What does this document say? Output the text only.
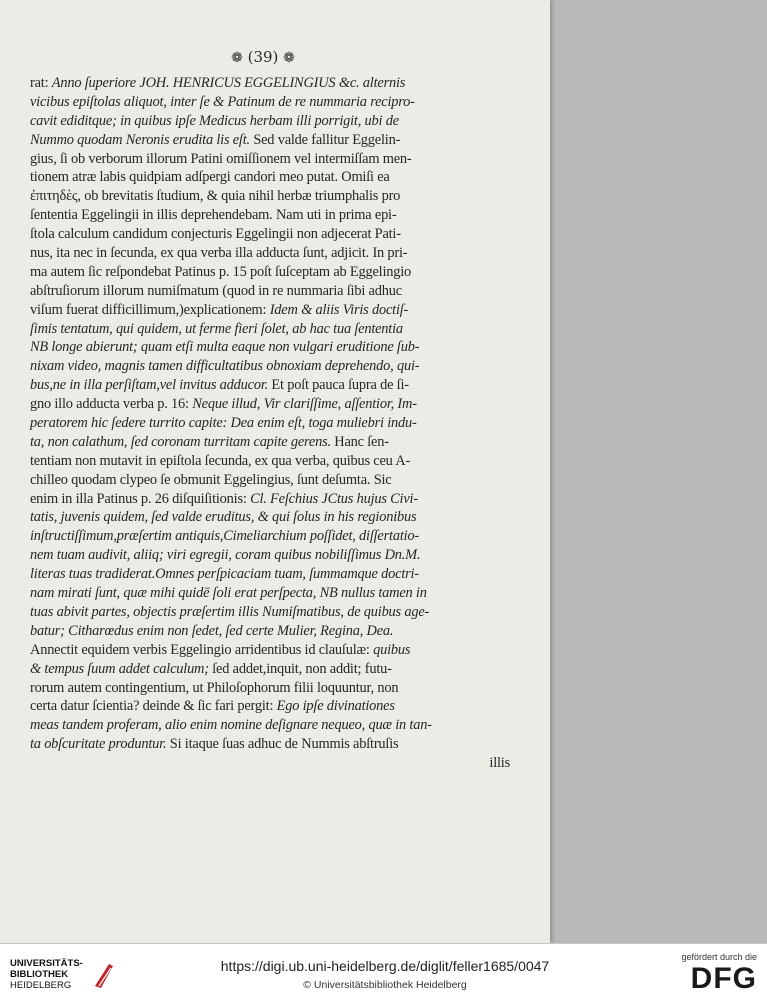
❁ (39) ❁
rat: Anno ſuperiore JOH. HENRICUS EGGELINGIUS &c. alternis
vicibus epiſtolas aliquot, inter ſe & Patinum de re nummaria recipro-
cavit ediditque; in quibus ipſe Medicus herbam illi porrigit, ubi de
Nummo quodam Neronis erudita lis eſt. Sed valde fallitur Eggelin-
gius, ſi ob verborum illorum Patini omiſſionem vel intermiſſam men-
tionem atræ labis quidpiam adſpergi candori meo putat. Omiſi ea
ἐπιτηδὲς, ob brevitatis ſtudium, & quia nihil herbæ triumphalis pro
ſententia Eggelingii in illis deprehendebam. Nam uti in prima epi-
ſtola calculum candidum conjecturis Eggelingii non adjecerat Pati-
nus, ita nec in ſecunda, ex qua verba illa adducta ſunt, adjicit. In pri-
ma autem ſic reſpondebat Patinus p. 15 poſt ſuſceptam ab Eggelingio
abſtruſiorum illorum numiſmatum (quod in re nummaria ſibi adhuc
viſum fuerat difficillimum,)explicationem: Idem & aliis Viris doctiſ-
ſimis tentatum, qui quidem, ut ferme fieri ſolet, ab hac tua ſententia
NB longe abierunt; quam etſi multa eaque non vulgari eruditione ſub-
nixam video, magnis tamen difficultatibus obnoxiam deprehendo, qui-
bus,ne in illa perſiſtam,vel invitus adducor. Et poſt pauca ſupra de ſi-
gno illo adducta verba p. 16: Neque illud, Vir clariſſime, aſſentior, Im-
peratorem hic ſedere turrito capite: Dea enim eſt, toga muliebri indu-
ta, non calathum, ſed coronam turritam capite gerens. Hanc ſen-
tentiam non mutavit in epiſtola ſecunda, ex qua verba, quibus ceu A-
chilleo quodam clypeo ſe obmunit Eggelingius, ſunt deſumta. Sic
enim in illa Patinus p. 26 diſquiſitionis: Cl. Feſchius JCtus hujus Civi-
tatis, juvenis quidem, ſed valde eruditus, & qui ſolus in his regionibus
inſtructiſſimum,præſertim antiquis,Cimeliarchium poſſidet, diſſertatio-
nem tuam audivit, aliiq; viri egregii, coram quibus nobiliſſimus Dn.M.
literas tuas tradiderat.Omnes perſpicaciam tuam, ſummamque doctri-
nam mirati ſunt, quæ mihi quidē ſoli erat perſpecta, NB nullus tamen in
tuas abivit partes, objectis præſertim illis Numiſmatibus, de quibus age-
batur; Citharœdus enim non ſedet, ſed certe Mulier, Regina, Dea.
Annectit equidem verbis Eggelingio arridentibus id clauſulæ: quibus
& tempus ſuum addet calculum; ſed addet,inquit, non addit; futu-
rorum autem contingentium, ut Philoſophorum filii loquuntur, non
certa datur ſcientia? deinde & ſic fari pergit: Ego ipſe divinationes
meas tandem proferam, alio enim nomine deſignare nequeo, quæ in tan-
ta obſcuritate produntur. Si itaque ſuas adhuc de Nummis abſtruſis
illis
UNIVERSITÄTS-
BIBLIOTHEK
HEIDELBERG
https://digi.ub.uni-heidelberg.de/diglit/feller1685/0047
© Universitätsbibliothek Heidelberg
gefördert durch die
DFG
